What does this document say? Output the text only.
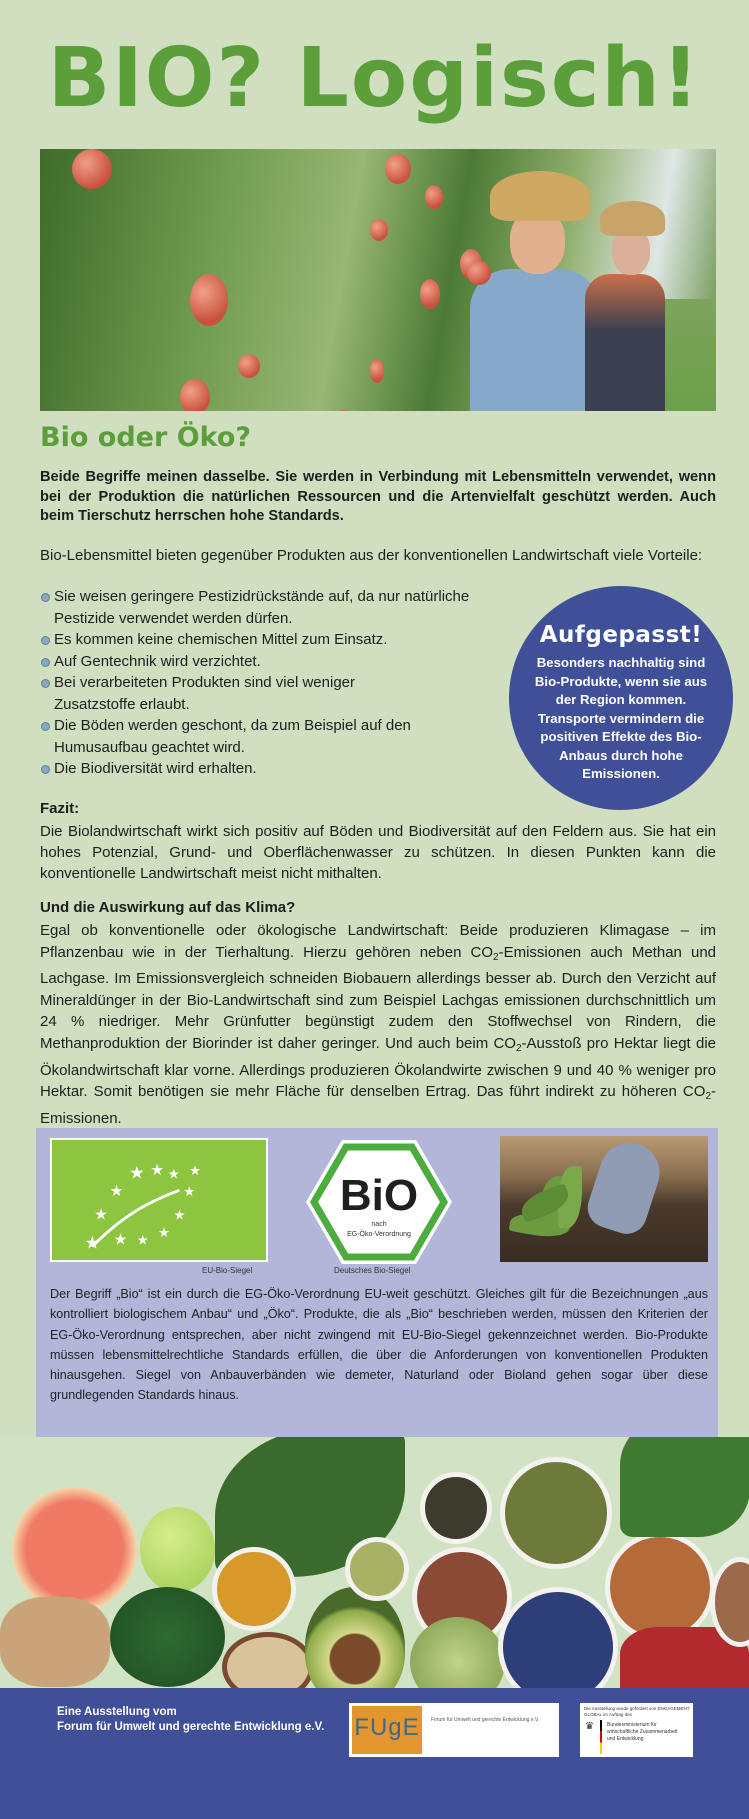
BIO? Logisch!
Bio oder Öko?

Beide Begriffe meinen dasselbe. Sie werden in Verbindung mit Lebensmitteln verwendet, wenn bei der Produktion die natürlichen Ressourcen und die Artenvielfalt geschützt werden. Auch beim Tierschutz herrschen hohe Standards.

Bio-Lebensmittel bieten gegenüber Produkten aus der konventionellen Landwirtschaft viele Vorteile:

Sie weisen geringere Pestizidrückstände auf, da nur natürliche Pestizide verwendet werden dürfen.
Es kommen keine chemischen Mittel zum Einsatz.
Auf Gentechnik wird verzichtet.
Bei verarbeiteten Produkten sind viel weniger Zusatzstoffe erlaubt.
Die Böden werden geschont, da zum Beispiel auf den Humusaufbau geachtet wird.
Die Biodiversität wird erhalten.
Aufgepasst!
Besonders nachhaltig sind Bio-Produkte, wenn sie aus der Region kommen. Transporte vermindern die positiven Effekte des Bio-Anbaus durch hohe Emissionen.
Fazit:

Die Biolandwirtschaft wirkt sich positiv auf Böden und Biodiversität auf den Feldern aus. Sie hat ein hohes Potenzial, Grund- und Oberflächenwasser zu schützen. In diesen Punkten kann die konventionelle Landwirtschaft meist nicht mithalten.

Und die Auswirkung auf das Klima?

Egal ob konventionelle oder ökologische Landwirtschaft: Beide produzieren Klimagase – im Pflanzenbau wie in der Tierhaltung. Hierzu gehören neben $CO_2$-Emissionen auch Methan und Lachgase. Im Emissionsvergleich schneiden Biobauern allerdings besser ab. Durch den Verzicht auf Mineraldünger in der Bio-Landwirtschaft sind zum Beispiel Lachgas emissionen durchschnittlich um 24 % niedriger. Mehr Grünfutter begünstigt zudem den Stoffwechsel von Rindern, die Methanproduktion der Biorinder ist daher geringer. Und auch beim $CO_2$-Ausstoß pro Hektar liegt die Ökolandwirtschaft klar vorne. Allerdings produzieren Ökolandwirte zwischen 9 und 40 % weniger pro Hektar. Somit benötigen sie mehr Fläche für denselben Ertrag. Das führt indirekt zu höheren $CO_2$-Emissionen.

★ ★ ★ ★
★	★
★	★
★ ★ ★
★
EU-Bio-Siegel
BiO
nach
EG-Öko-Verordnung
Deutsches Bio-Siegel

Der Begriff „Bio“ ist ein durch die EG-Öko-Verordnung EU-weit geschützt. Gleiches gilt für die Bezeichnungen „aus kontrolliert biologischem Anbau“ und „Öko“. Produkte, die als „Bio“ beschrieben werden, müssen den Kriterien der EG-Öko-Verordnung entsprechen, aber nicht zwingend mit EU-Bio-Siegel gekennzeichnet werden. Bio-Produkte müssen lebensmittelrechtliche Standards erfüllen, die über die Anforderungen von konventionellen Produkten hinausgehen. Siegel von Anbauverbänden wie demeter, Naturland oder Bioland gehen sogar über diese grundlegenden Standards hinaus.

Eine Ausstellung vom
Forum für Umwelt und gerechte Entwicklung e.V. FUgE	Forum für Umwelt und gerechte Entwicklung e.V.
Die Ausstellung wurde gefördert von ENGAGEMENT GLOBAL im Auftrag des
♛	Bundesministerium für wirtschaftliche Zusammenarbeit und Entwicklung
